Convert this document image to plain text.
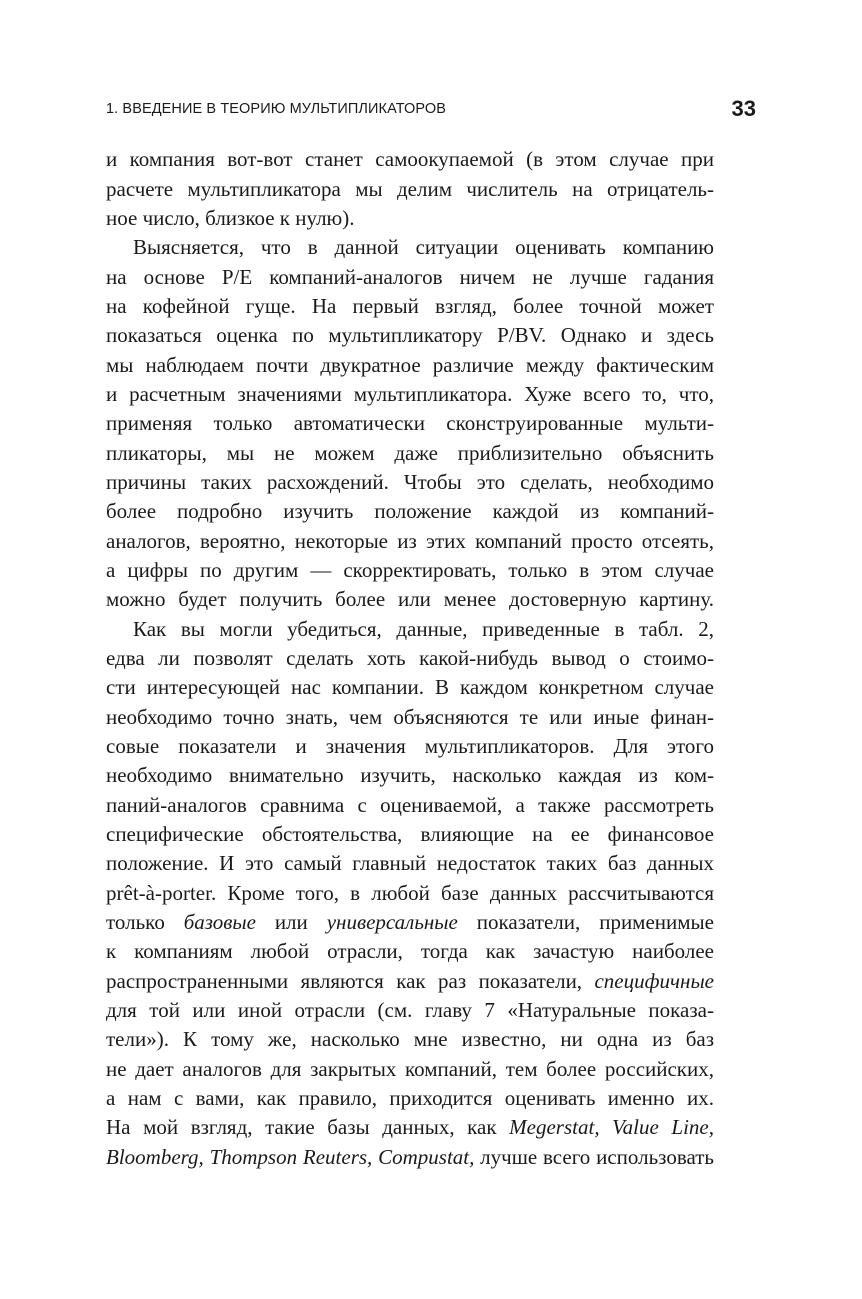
1. ВВЕДЕНИЕ В ТЕОРИЮ МУЛЬТИПЛИКАТОРОВ	33
и компания вот-вот станет самоокупаемой (в этом случае при
расчете мультипликатора мы делим числитель на отрицатель-
ное число, близкое к нулю).
Выясняется, что в данной ситуации оценивать компанию
на основе P/E компаний-аналогов ничем не лучше гадания
на кофейной гуще. На первый взгляд, более точной может
показаться оценка по мультипликатору P/BV. Однако и здесь
мы наблюдаем почти двукратное различие между фактическим
и расчетным значениями мультипликатора. Хуже всего то, что,
применяя только автоматически сконструированные мульти-
пликаторы, мы не можем даже приблизительно объяснить
причины таких расхождений. Чтобы это сделать, необходимо
более подробно изучить положение каждой из компаний-
аналогов, вероятно, некоторые из этих компаний просто отсеять,
а цифры по другим — скорректировать, только в этом случае
можно будет получить более или менее достоверную картину.
Как вы могли убедиться, данные, приведенные в табл. 2,
едва ли позволят сделать хоть какой-нибудь вывод о стоимо-
сти интересующей нас компании. В каждом конкретном случае
необходимо точно знать, чем объясняются те или иные финан-
совые показатели и значения мультипликаторов. Для этого
необходимо внимательно изучить, насколько каждая из ком-
паний-аналогов сравнима с оцениваемой, а также рассмотреть
специфические обстоятельства, влияющие на ее финансовое
положение. И это самый главный недостаток таких баз данных
prêt-à-porter. Кроме того, в любой базе данных рассчитываются
только базовые или универсальные показатели, применимые
к компаниям любой отрасли, тогда как зачастую наиболее
распространенными являются как раз показатели, специфичные
для той или иной отрасли (см. главу 7 «Натуральные показа-
тели»). К тому же, насколько мне известно, ни одна из баз
не дает аналогов для закрытых компаний, тем более российских,
а нам с вами, как правило, приходится оценивать именно их.
На мой взгляд, такие базы данных, как Megerstat, Value Line,
Bloomberg, Thompson Reuters, Compustat, лучше всего использовать
